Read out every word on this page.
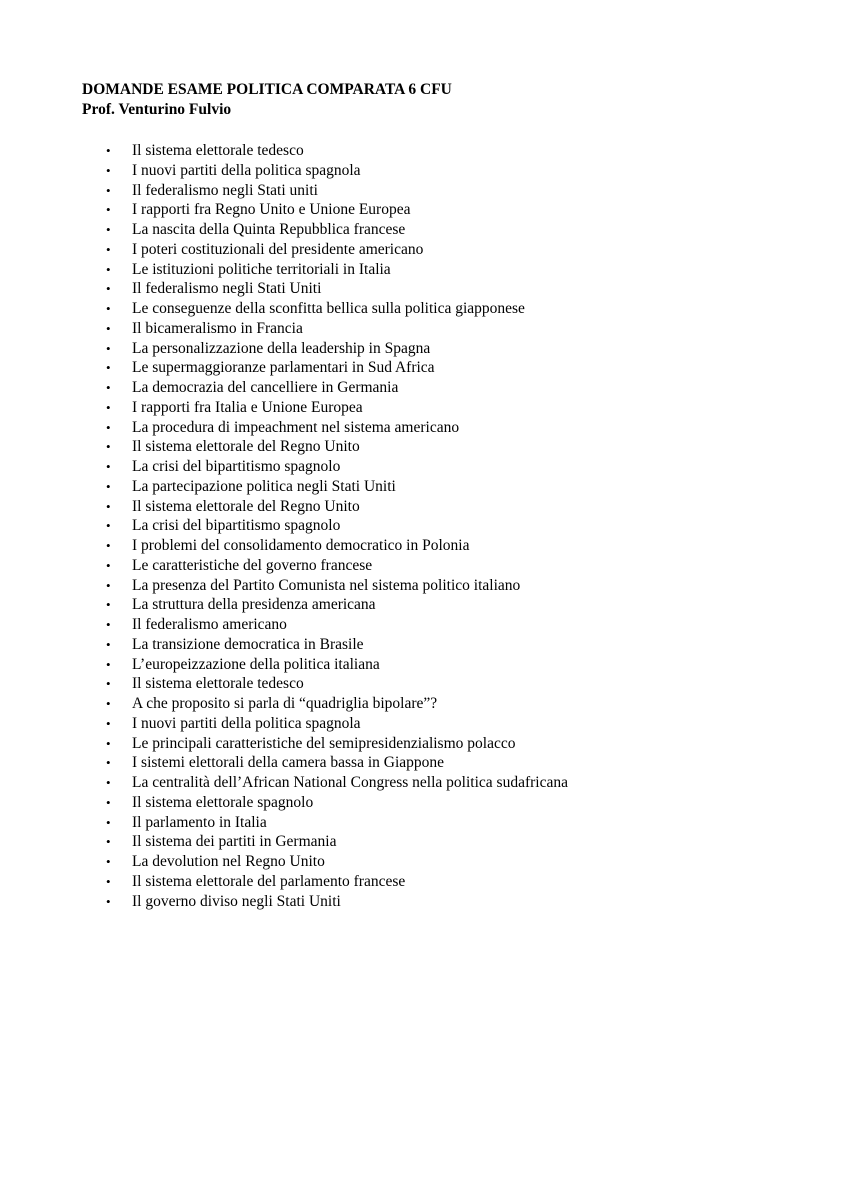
DOMANDE ESAME POLITICA COMPARATA 6 CFU
Prof. Venturino Fulvio
• Il sistema elettorale tedesco
• I nuovi partiti della politica spagnola
• Il federalismo negli Stati uniti
• I rapporti fra Regno Unito e Unione Europea
• La nascita della Quinta Repubblica francese
• I poteri costituzionali del presidente americano
• Le istituzioni politiche territoriali in Italia
• Il federalismo negli Stati Uniti
• Le conseguenze della sconfitta bellica sulla politica giapponese
• Il bicameralismo in Francia
• La personalizzazione della leadership in Spagna
• Le supermaggioranze parlamentari in Sud Africa
• La democrazia del cancelliere in Germania
• I rapporti fra Italia e Unione Europea
• La procedura di impeachment nel sistema americano
• Il sistema elettorale del Regno Unito
• La crisi del bipartitismo spagnolo
• La partecipazione politica negli Stati Uniti
• Il sistema elettorale del Regno Unito
• La crisi del bipartitismo spagnolo
• I problemi del consolidamento democratico in Polonia
• Le caratteristiche del governo francese
• La presenza del Partito Comunista nel sistema politico italiano
• La struttura della presidenza americana
• Il federalismo americano
• La transizione democratica in Brasile
• L’europeizzazione della politica italiana
• Il sistema elettorale tedesco
• A che proposito si parla di “quadriglia bipolare”?
• I nuovi partiti della politica spagnola
• Le principali caratteristiche del semipresidenzialismo polacco
• I sistemi elettorali della camera bassa in Giappone
• La centralità dell’African National Congress nella politica sudafricana
• Il sistema elettorale spagnolo
• Il parlamento in Italia
• Il sistema dei partiti in Germania
• La devolution nel Regno Unito
• Il sistema elettorale del parlamento francese
• Il governo diviso negli Stati Uniti
